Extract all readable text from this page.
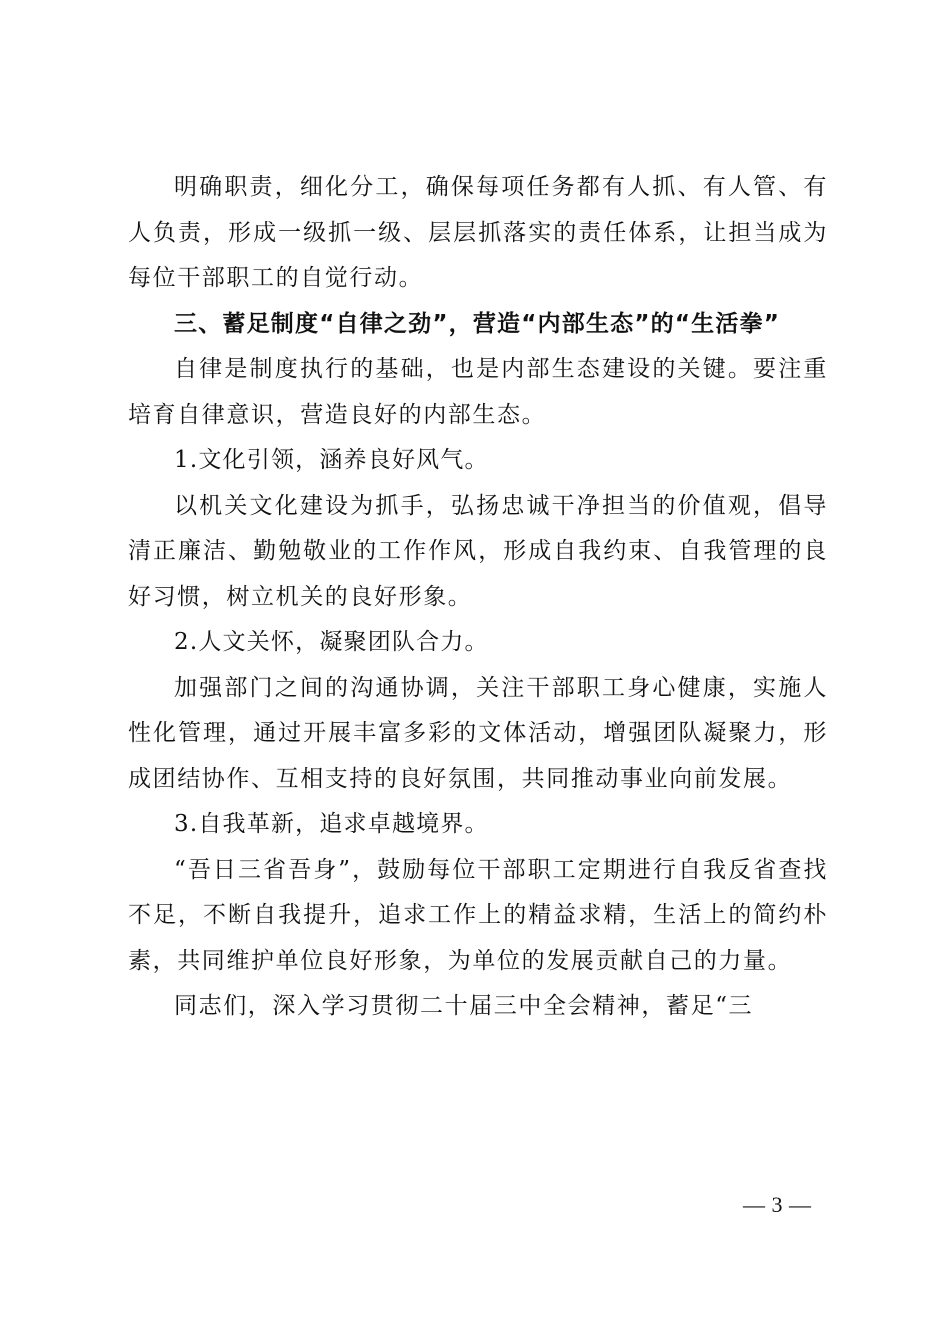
明确职责，细化分工，确保每项任务都有人抓、有人管、有人负责，形成一级抓一级、层层抓落实的责任体系，让担当成为每位干部职工的自觉行动。

三、蓄足制度“自律之劲”，营造“内部生态”的“生活拳”

自律是制度执行的基础，也是内部生态建设的关键。要注重培育自律意识，营造良好的内部生态。

1.文化引领，涵养良好风气。

以机关文化建设为抓手，弘扬忠诚干净担当的价值观，倡导清正廉洁、勤勉敬业的工作作风，形成自我约束、自我管理的良好习惯，树立机关的良好形象。

2.人文关怀，凝聚团队合力。

加强部门之间的沟通协调，关注干部职工身心健康，实施人性化管理，通过开展丰富多彩的文体活动，增强团队凝聚力，形成团结协作、互相支持的良好氛围，共同推动事业向前发展。

3.自我革新，追求卓越境界。

“吾日三省吾身”，鼓励每位干部职工定期进行自我反省查找不足，不断自我提升，追求工作上的精益求精，生活上的简约朴素，共同维护单位良好形象，为单位的发展贡献自己的力量。

同志们，深入学习贯彻二十届三中全会精神，蓄足“三

— 3 —
